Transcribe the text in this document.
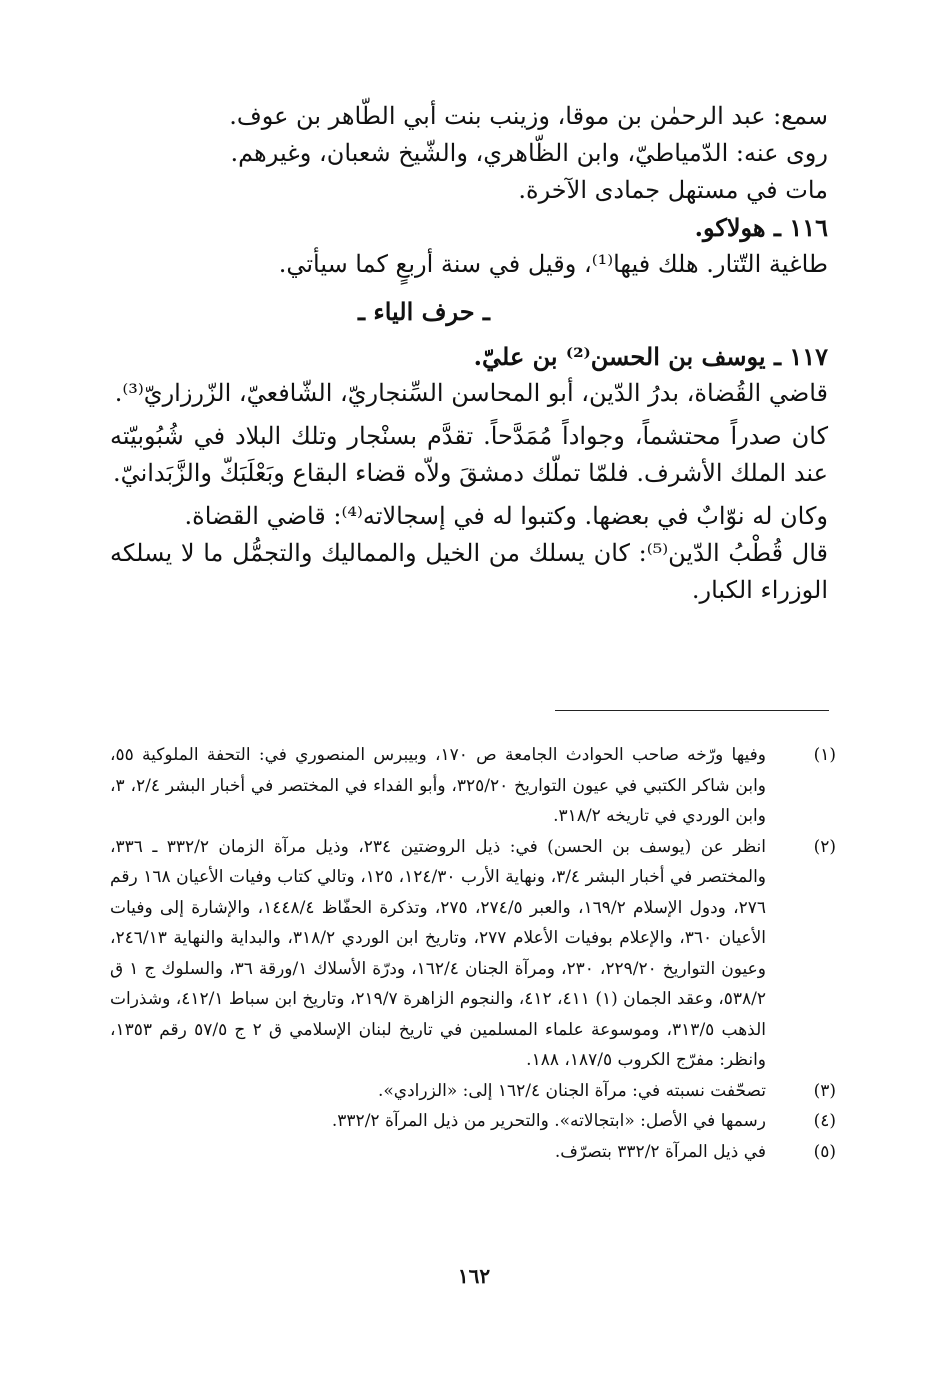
سمع: عبد الرحمٰن بن موقا، وزينب بنت أبي الطّاهر بن عوف.

روى عنه: الدّمياطيّ، وابن الظّاهري، والشّيخ شعبان، وغيرهم.

مات في مستهل جمادى الآخرة.

١١٦ ـ هولاكو.

طاغية التّتار. هلك فيها⁽¹⁾، وقيل في سنة أربعٍ كما سيأتي.

ـ حرف الياء ـ

١١٧ ـ يوسف بن الحسن⁽²⁾ بن عليّ.

قاضي القُضاة، بدرُ الدّين، أبو المحاسن السِّنجاريّ، الشّافعيّ، الزّرزاريّ⁽³⁾.

كان صدراً محتشماً، وجواداً مُمَدَّحاً. تقدَّم بسنْجار وتلك البلاد في شُبُوبيّته عند الملك الأشرف. فلمّا تملّك دمشقَ ولاّه قضاء البقاع وبَعْلَبَكّ والزَّبَدانيّ.

وكان له نوّابٌ في بعضها. وكتبوا له في إسجالاته⁽⁴⁾: قاضي القضاة.

قال قُطْبُ الدّين⁽⁵⁾: كان يسلك من الخيل والمماليك والتجمُّل ما لا يسلكه الوزراء الكبار.

(١)
وفيها ورّخه صاحب الحوادث الجامعة ص ١٧٠، وبيبرس المنصوري في: التحفة الملوكية ٥٥، وابن شاكر الكتبي في عيون التواريخ ٣٢٥/٢٠، وأبو الفداء في المختصر في أخبار البشر ٢/٤، ٣، وابن الوردي في تاريخه ٣١٨/٢.
(٢)
انظر عن (يوسف بن الحسن) في: ذيل الروضتين ٢٣٤، وذيل مرآة الزمان ٣٣٢/٢ ـ ٣٣٦، والمختصر في أخبار البشر ٣/٤، ونهاية الأرب ١٢٤/٣٠، ١٢٥، وتالي كتاب وفيات الأعيان ١٦٨ رقم ٢٧٦، ودول الإسلام ١٦٩/٢، والعبر ٢٧٤/٥، ٢٧٥، وتذكرة الحفّاظ ١٤٤٨/٤، والإشارة إلى وفيات الأعيان ٣٦٠، والإعلام بوفيات الأعلام ٢٧٧، وتاريخ ابن الوردي ٣١٨/٢، والبداية والنهاية ٢٤٦/١٣، وعيون التواريخ ٢٢٩/٢٠، ٢٣٠، ومرآة الجنان ١٦٢/٤، ودرّة الأسلاك ١/ورقة ٣٦، والسلوك ج ١ ق ٥٣٨/٢، وعقد الجمان (١) ٤١١، ٤١٢، والنجوم الزاهرة ٢١٩/٧، وتاريخ ابن سباط ٤١٢/١، وشذرات الذهب ٣١٣/٥، وموسوعة علماء المسلمين في تاريخ لبنان الإسلامي ق ٢ ج ٥٧/٥ رقم ١٣٥٣، وانظر: مفرّج الكروب ١٨٧/٥، ١٨٨.
(٣)
تصحّفت نسبته في: مرآة الجنان ١٦٢/٤ إلى: «الزرادي».
(٤)
رسمها في الأصل: «ابتجالاته». والتحرير من ذيل المرآة ٣٣٢/٢.
(٥)
في ذيل المرآة ٣٣٢/٢ بتصرّف.
١٦٢
